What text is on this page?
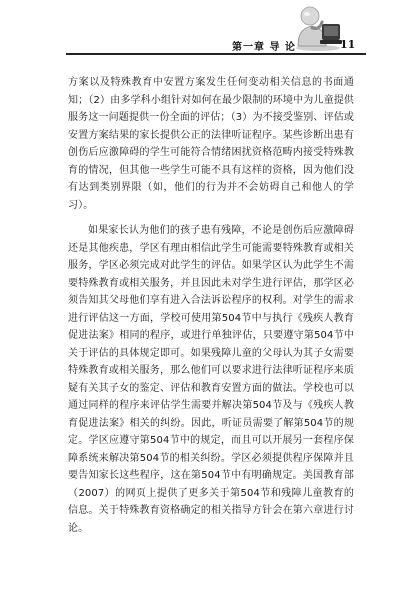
第一章 导 论	11

方案以及特殊教育中安置方案发生任何变动相关信息的书面通知；（2）由多学科小组针对如何在最少限制的环境中为儿童提供服务这一问题提供一份全面的评估；（3）为不接受鉴别、评估或安置方案结果的家长提供公正的法律听证程序。某些诊断出患有创伤后应激障碍的学生可能符合情绪困扰资格范畴内接受特殊教育的情况，但其他一些学生可能不具有这样的资格，因为他们没有达到类别界限（如，他们的行为并不会妨碍自己和他人的学习）。

如果家长认为他们的孩子患有残障，不论是创伤后应激障碍还是其他疾患，学区有理由相信此学生可能需要特殊教育或相关服务，学区必须完成对此学生的评估。如果学区认为此学生不需要特殊教育或相关服务，并且因此未对学生进行评估，那学区必须告知其父母他们享有进入合法诉讼程序的权利。对学生的需求进行评估这一方面，学校可使用第504节中与执行《残疾人教育促进法案》相同的程序，或进行单独评估，只要遵守第504节中关于评估的具体规定即可。如果残障儿童的父母认为其子女需要特殊教育或相关服务，那么他们可以要求进行法律听证程序来质疑有关其子女的鉴定、评估和教育安置方面的做法。学校也可以通过同样的程序来评估学生需要并解决第504节及与《残疾人教育促进法案》相关的纠纷。因此，听证员需要了解第504节的规定。学区应遵守第504节中的规定，而且可以开展另一套程序保障系统来解决第504节的相关纠纷。学区必须提供程序保障并且要告知家长这些程序，这在第504节中有明确规定。美国教育部（2007）的网页上提供了更多关于第504节和残障儿童教育的信息。关于特殊教育资格确定的相关指导方针会在第六章进行讨论。
